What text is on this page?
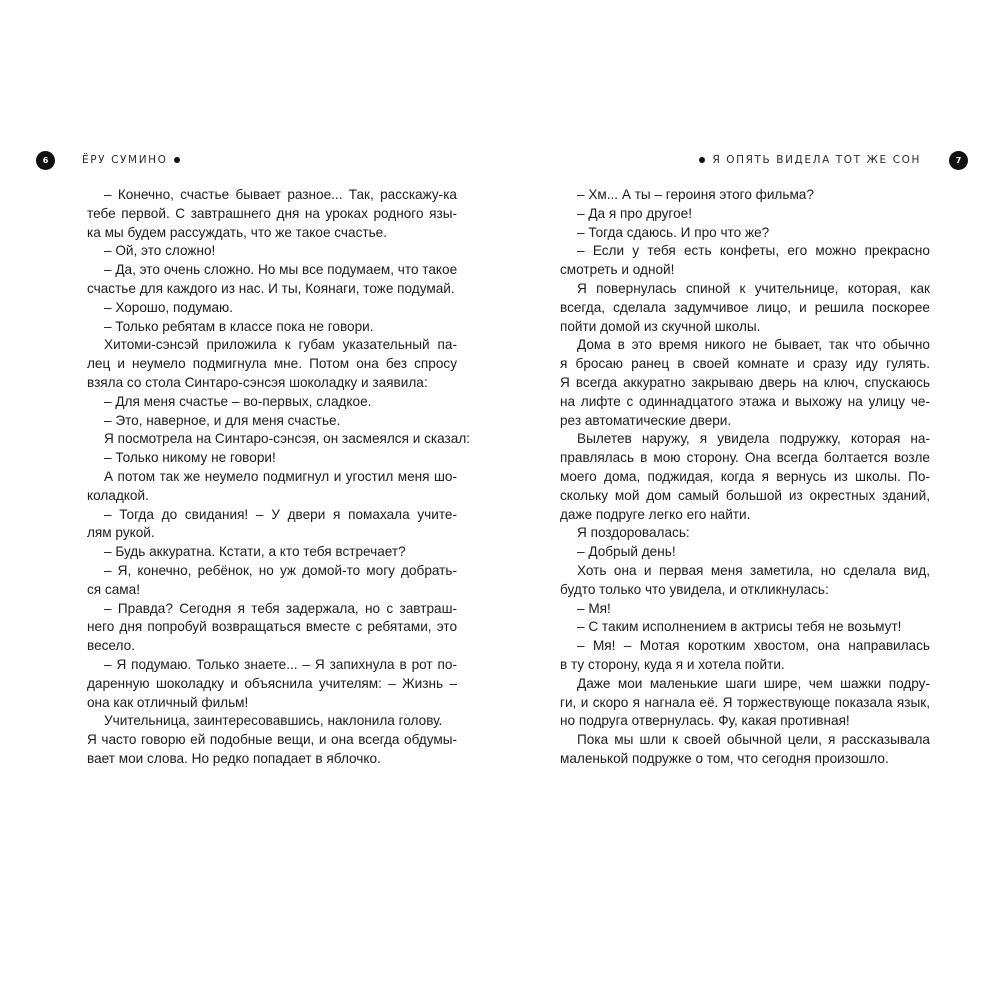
6	ЁРУ СУМИНО	Я ОПЯТЬ ВИДЕЛА ТОТ ЖЕ СОН	7
– Конечно, счастье бывает разное... Так, расскажу-ка
тебе первой. С завтрашнего дня на уроках родного язы-
ка мы будем рассуждать, что же такое счастье.
– Ой, это сложно!
– Да, это очень сложно. Но мы все подумаем, что такое
счастье для каждого из нас. И ты, Коянаги, тоже подумай.
– Хорошо, подумаю.
– Только ребятам в классе пока не говори.
Хитоми-сэнсэй приложила к губам указательный па-
лец и неумело подмигнула мне. Потом она без спросу
взяла со стола Синтаро-сэнсэя шоколадку и заявила:
– Для меня счастье – во-первых, сладкое.
– Это, наверное, и для меня счастье.
Я посмотрела на Синтаро-сэнсэя, он засмеялся и сказал:
– Только никому не говори!
А потом так же неумело подмигнул и угостил меня шо-
коладкой.
– Тогда до свидания! – У двери я помахала учите-
лям рукой.
– Будь аккуратна. Кстати, а кто тебя встречает?
– Я, конечно, ребёнок, но уж домой-то могу добрать-
ся сама!
– Правда? Сегодня я тебя задержала, но с завтраш-
него дня попробуй возвращаться вместе с ребятами, это
весело.
– Я подумаю. Только знаете... – Я запихнула в рот по-
даренную шоколадку и объяснила учителям: – Жизнь –
она как отличный фильм!
Учительница, заинтересовавшись, наклонила голову.
Я часто говорю ей подобные вещи, и она всегда обдумы-
вает мои слова. Но редко попадает в яблочко.
– Хм... А ты – героиня этого фильма?
– Да я про другое!
– Тогда сдаюсь. И про что же?
– Если у тебя есть конфеты, его можно прекрасно
смотреть и одной!
Я повернулась спиной к учительнице, которая, как
всегда, сделала задумчивое лицо, и решила поскорее
пойти домой из скучной школы.
Дома в это время никого не бывает, так что обычно
я бросаю ранец в своей комнате и сразу иду гулять.
Я всегда аккуратно закрываю дверь на ключ, спускаюсь
на лифте с одиннадцатого этажа и выхожу на улицу че-
рез автоматические двери.
Вылетев наружу, я увидела подружку, которая на-
правлялась в мою сторону. Она всегда болтается возле
моего дома, поджидая, когда я вернусь из школы. По-
скольку мой дом самый большой из окрестных зданий,
даже подруге легко его найти.
Я поздоровалась:
– Добрый день!
Хоть она и первая меня заметила, но сделала вид,
будто только что увидела, и откликнулась:
– Мя!
– С таким исполнением в актрисы тебя не возьмут!
– Мя! – Мотая коротким хвостом, она направилась
в ту сторону, куда я и хотела пойти.
Даже мои маленькие шаги шире, чем шажки подру-
ги, и скоро я нагнала её. Я торжествующе показала язык,
но подруга отвернулась. Фу, какая противная!
Пока мы шли к своей обычной цели, я рассказывала
маленькой подружке о том, что сегодня произошло.
